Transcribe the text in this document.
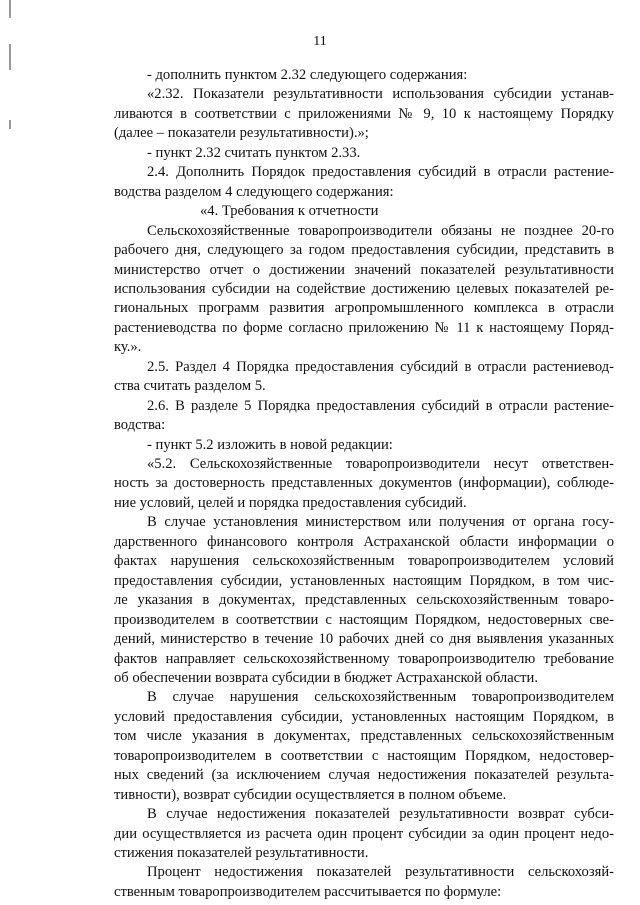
11
- дополнить пунктом 2.32 следующего содержания:
«2.32. Показатели результативности использования субсидии устанав-
ливаются в соответствии с приложениями № 9, 10 к настоящему Порядку
(далее – показатели результативности).»;
- пункт 2.32 считать пунктом 2.33.
2.4. Дополнить Порядок предоставления субсидий в отрасли растение-
водства разделом 4 следующего содержания:
«4. Требования к отчетности
Сельскохозяйственные товаропроизводители обязаны не позднее 20-го
рабочего дня, следующего за годом предоставления субсидии, представить в
министерство отчет о достижении значений показателей результативности
использования субсидии на содействие достижению целевых показателей ре-
гиональных программ развития агропромышленного комплекса в отрасли
растениеводства по форме согласно приложению № 11 к настоящему Поряд-
ку.».
2.5. Раздел 4 Порядка предоставления субсидий в отрасли растениевод-
ства считать разделом 5.
2.6. В разделе 5 Порядка предоставления субсидий в отрасли растение-
водства:
- пункт 5.2 изложить в новой редакции:
«5.2. Сельскохозяйственные товаропроизводители несут ответствен-
ность за достоверность представленных документов (информации), соблюде-
ние условий, целей и порядка предоставления субсидий.
В случае установления министерством или получения от органа госу-
дарственного финансового контроля Астраханской области информации о
фактах нарушения сельскохозяйственным товаропроизводителем условий
предоставления субсидии, установленных настоящим Порядком, в том чис-
ле указания в документах, представленных сельскохозяйственным товаро-
производителем в соответствии с настоящим Порядком, недостоверных све-
дений, министерство в течение 10 рабочих дней со дня выявления указанных
фактов направляет сельскохозяйственному товаропроизводителю требование
об обеспечении возврата субсидии в бюджет Астраханской области.
В случае нарушения сельскохозяйственным товаропроизводителем
условий предоставления субсидии, установленных настоящим Порядком, в
том числе указания в документах, представленных сельскохозяйственным
товаропроизводителем в соответствии с настоящим Порядком, недостовер-
ных сведений (за исключением случая недостижения показателей результа-
тивности), возврат субсидии осуществляется в полном объеме.
В случае недостижения показателей результативности возврат субси-
дии осуществляется из расчета один процент субсидии за один процент недо-
стижения показателей результативности.
Процент недостижения показателей результативности сельскохозяй-
ственным товаропроизводителем рассчитывается по формуле:
